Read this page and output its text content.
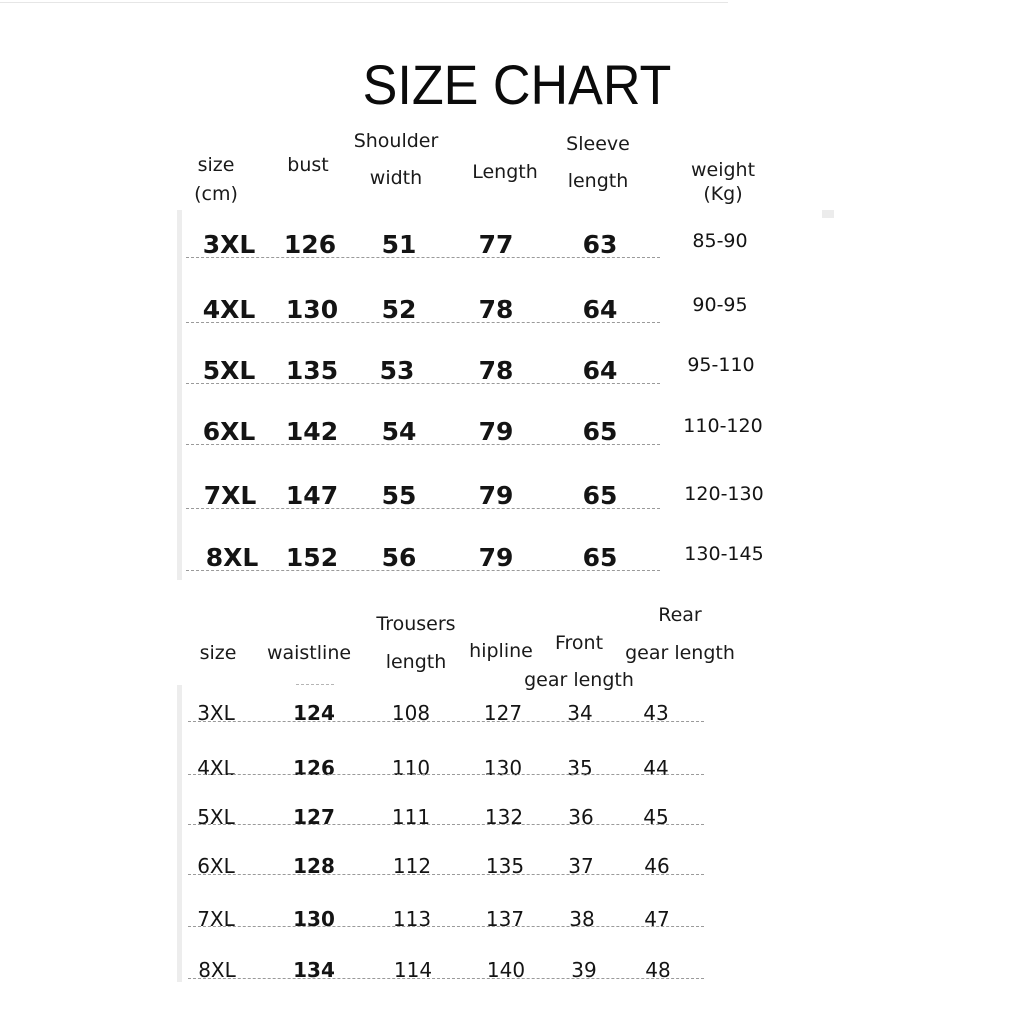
SIZE CHART
size
(cm)
bust
Shoulder
width	Length
Sleeve
length	weight
(Kg)
3XL 126 51 77	63	85-90
4XL 130 52 78	64	90-95
5XL 135 53	78	64	95-110
6XL 142 54 79	65	110-120
7XL 147 55 79	65	120-130
8XL 152 56 79	65	130-145
size waistline
Trousers
length	hipline	Front
gear length
Rear
gear length
3XL	124	108	127 34	43
4XL	126	110	130 35	44
5XL	127	111	132 36 45
6XL	128	112	135 37	46
7XL	130	113	137 38 47
8XL	134	114	140 39 48
